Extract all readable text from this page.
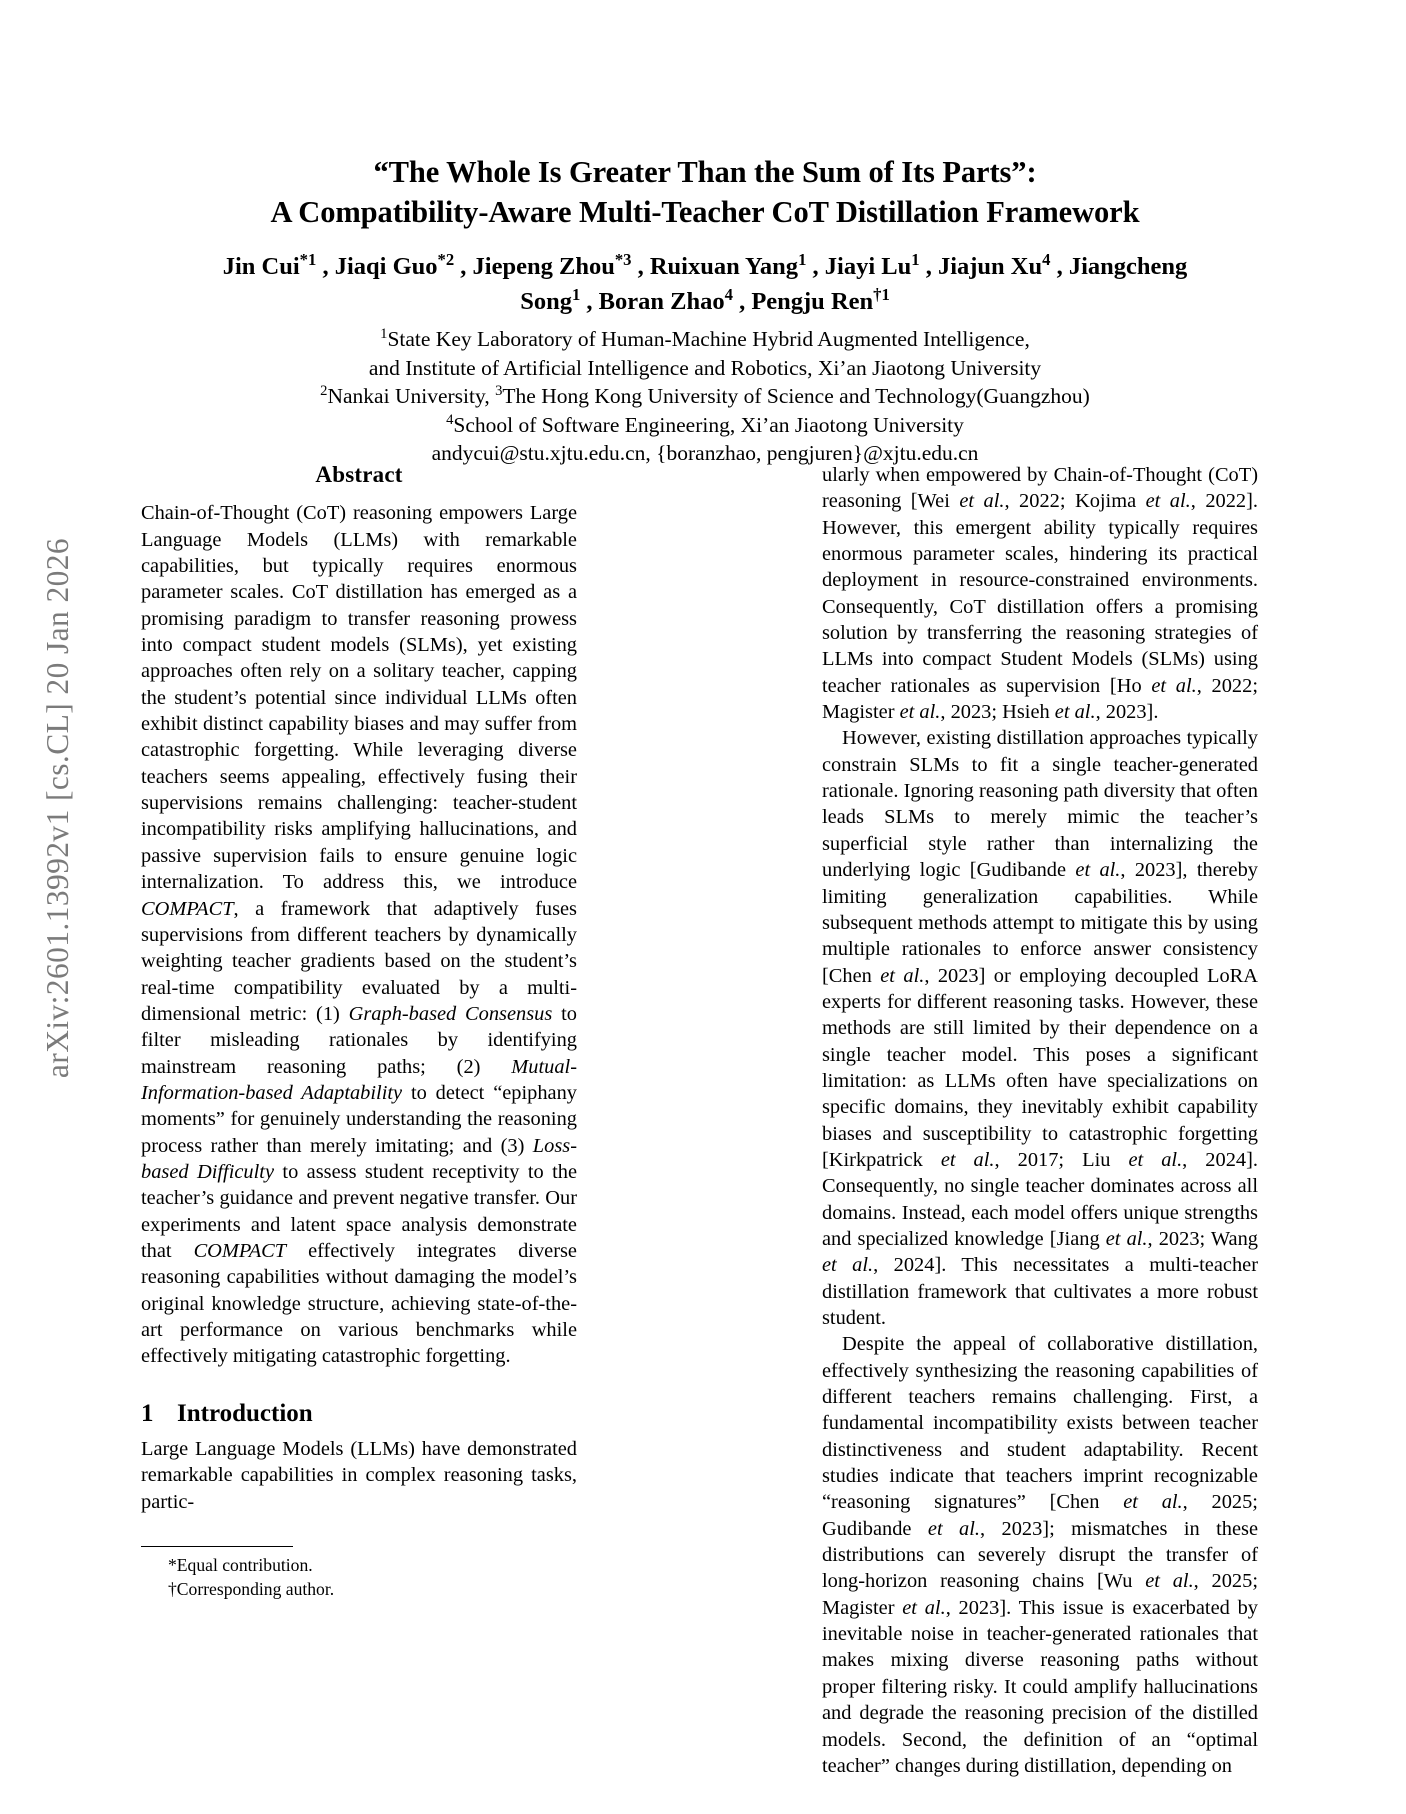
arXiv:2601.13992v1 [cs.CL] 20 Jan 2026
“The Whole Is Greater Than the Sum of Its Parts”:
A Compatibility-Aware Multi-Teacher CoT Distillation Framework
Jin Cui$^{*1}$ , Jiaqi Guo$^{*2}$ , Jiepeng Zhou$^{*3}$ , Ruixuan Yang$^1$ , Jiayi Lu$^1$ , Jiajun Xu$^4$ , Jiangcheng
Song$^1$ , Boran Zhao$^4$ , Pengju Ren$^{\dagger 1}$
$^1$State Key Laboratory of Human-Machine Hybrid Augmented Intelligence,
and Institute of Artificial Intelligence and Robotics, Xi’an Jiaotong University
$^2$Nankai University, $^3$The Hong Kong University of Science and Technology(Guangzhou)
$^4$School of Software Engineering, Xi’an Jiaotong University
andycui@stu.xjtu.edu.cn, {boranzhao, pengjuren}@xjtu.edu.cn
Abstract

Chain-of-Thought (CoT) reasoning empowers Large Language Models (LLMs) with remarkable capabilities, but typically requires enormous parameter scales. CoT distillation has emerged as a promising paradigm to transfer reasoning prowess into compact student models (SLMs), yet existing approaches often rely on a solitary teacher, capping the student’s potential since individual LLMs often exhibit distinct capability biases and may suffer from catastrophic forgetting. While leveraging diverse teachers seems appealing, effectively fusing their supervisions remains challenging: teacher-student incompatibility risks amplifying hallucinations, and passive supervision fails to ensure genuine logic internalization. To address this, we introduce COMPACT, a framework that adaptively fuses supervisions from different teachers by dynamically weighting teacher gradients based on the student’s real-time compatibility evaluated by a multi-dimensional metric: (1) Graph-based Consensus to filter misleading rationales by identifying mainstream reasoning paths; (2) Mutual-Information-based Adaptability to detect “epiphany moments” for genuinely understanding the reasoning process rather than merely imitating; and (3) Loss-based Difficulty to assess student receptivity to the teacher’s guidance and prevent negative transfer. Our experiments and latent space analysis demonstrate that COMPACT effectively integrates diverse reasoning capabilities without damaging the model’s original knowledge structure, achieving state-of-the-art performance on various benchmarks while effectively mitigating catastrophic forgetting.

1 Introduction

Large Language Models (LLMs) have demonstrated remarkable capabilities in complex reasoning tasks, partic-

ularly when empowered by Chain-of-Thought (CoT) reasoning [Wei et al., 2022; Kojima et al., 2022]. However, this emergent ability typically requires enormous parameter scales, hindering its practical deployment in resource-constrained environments. Consequently, CoT distillation offers a promising solution by transferring the reasoning strategies of LLMs into compact Student Models (SLMs) using teacher rationales as supervision [Ho et al., 2022; Magister et al., 2023; Hsieh et al., 2023].

However, existing distillation approaches typically constrain SLMs to fit a single teacher-generated rationale. Ignoring reasoning path diversity that often leads SLMs to merely mimic the teacher’s superficial style rather than internalizing the underlying logic [Gudibande et al., 2023], thereby limiting generalization capabilities. While subsequent methods attempt to mitigate this by using multiple rationales to enforce answer consistency [Chen et al., 2023] or employing decoupled LoRA experts for different reasoning tasks. However, these methods are still limited by their dependence on a single teacher model. This poses a significant limitation: as LLMs often have specializations on specific domains, they inevitably exhibit capability biases and susceptibility to catastrophic forgetting [Kirkpatrick et al., 2017; Liu et al., 2024]. Consequently, no single teacher dominates across all domains. Instead, each model offers unique strengths and specialized knowledge [Jiang et al., 2023; Wang et al., 2024]. This necessitates a multi-teacher distillation framework that cultivates a more robust student.

Despite the appeal of collaborative distillation, effectively synthesizing the reasoning capabilities of different teachers remains challenging. First, a fundamental incompatibility exists between teacher distinctiveness and student adaptability. Recent studies indicate that teachers imprint recognizable “reasoning signatures” [Chen et al., 2025; Gudibande et al., 2023]; mismatches in these distributions can severely disrupt the transfer of long-horizon reasoning chains [Wu et al., 2025; Magister et al., 2023]. This issue is exacerbated by inevitable noise in teacher-generated rationales that makes mixing diverse reasoning paths without proper filtering risky. It could amplify hallucinations and degrade the reasoning precision of the distilled models. Second, the definition of an “optimal teacher” changes during distillation, depending on

*Equal contribution.
†Corresponding author.
